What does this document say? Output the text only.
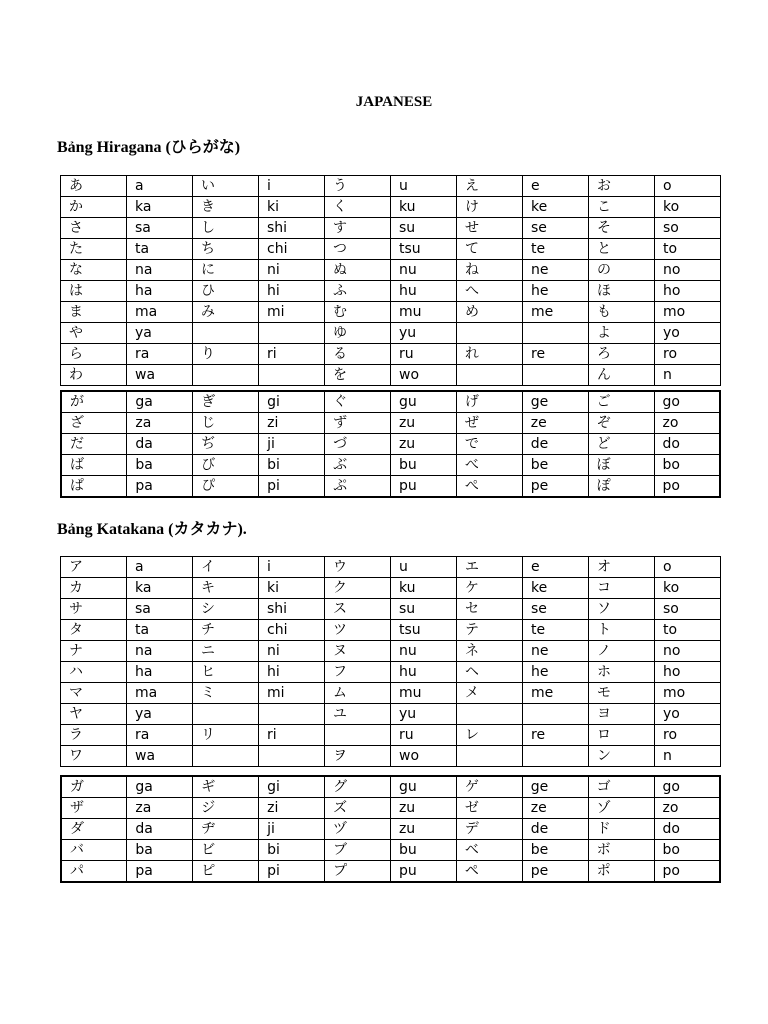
JAPANESE
Bảng Hiragana (ひらがな)
あ	a	い	i	う	u	え	e	お	o
か	ka	き	ki	く	ku	け	ke	こ	ko
さ	sa	し	shi	す	su	せ	se	そ	so
た	ta	ち	chi	つ	tsu	て	te	と	to
な	na	に	ni	ぬ	nu	ね	ne	の	no
は	ha	ひ	hi	ふ	hu	へ	he	ほ	ho
ま	ma	み	mi	む	mu	め	me	も	mo
や	ya			ゆ	yu			よ	yo
ら	ra	り	ri	る	ru	れ	re	ろ	ro
わ	wa			を	wo			ん	n
が	ga	ぎ	gi	ぐ	gu	げ	ge	ご	go
ざ	za	じ	zi	ず	zu	ぜ	ze	ぞ	zo
だ	da	ぢ	ji	づ	zu	で	de	ど	do
ば	ba	び	bi	ぶ	bu	べ	be	ぼ	bo
ぱ	pa	ぴ	pi	ぷ	pu	ぺ	pe	ぽ	po
Bảng Katakana (カタカナ).
ア	a	イ	i	ウ	u	エ	e	オ	o
カ	ka	キ	ki	ク	ku	ケ	ke	コ	ko
サ	sa	シ	shi	ス	su	セ	se	ソ	so
タ	ta	チ	chi	ツ	tsu	テ	te	ト	to
ナ	na	ニ	ni	ヌ	nu	ネ	ne	ノ	no
ハ	ha	ヒ	hi	フ	hu	ヘ	he	ホ	ho
マ	ma	ミ	mi	ム	mu	メ	me	モ	mo
ヤ	ya			ユ	yu			ヨ	yo
ラ	ra	リ	ri		ru	レ	re	ロ	ro
ワ	wa			ヲ	wo			ン	n
ガ	ga	ギ	gi	グ	gu	ゲ	ge	ゴ	go
ザ	za	ジ	zi	ズ	zu	ゼ	ze	ゾ	zo
ダ	da	ヂ	ji	ヅ	zu	デ	de	ド	do
バ	ba	ビ	bi	ブ	bu	ベ	be	ボ	bo
パ	pa	ピ	pi	プ	pu	ペ	pe	ポ	po
